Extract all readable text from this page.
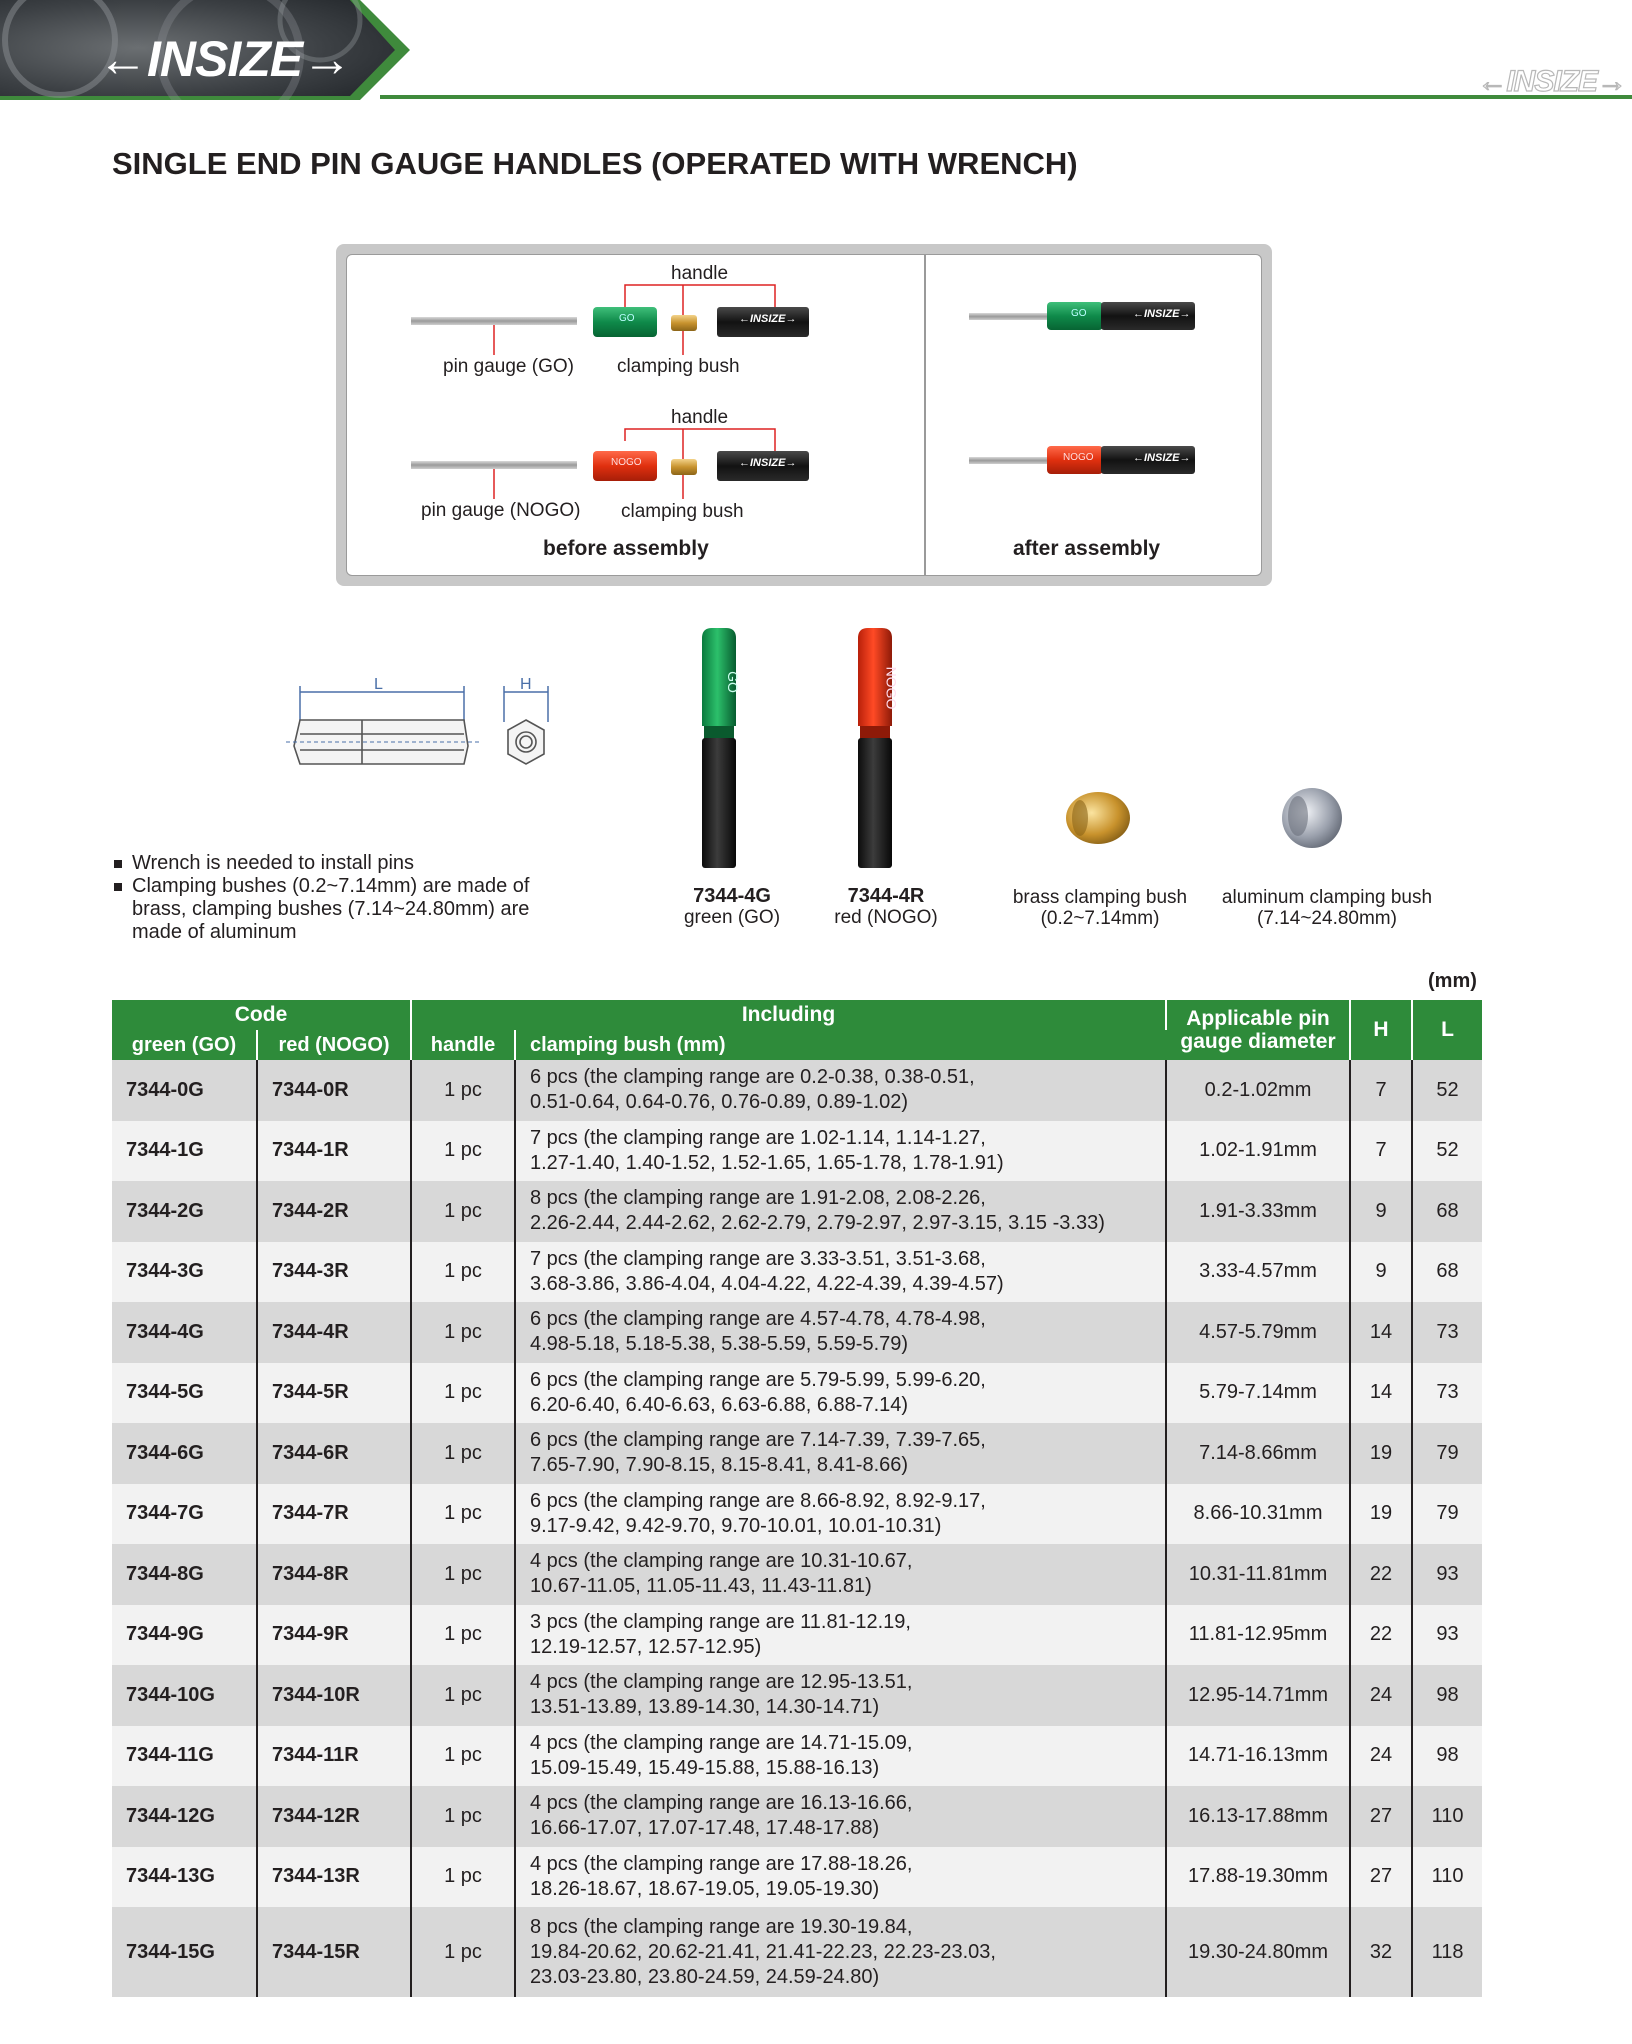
←INSIZE→	←INSIZE→
SINGLE END PIN GAUGE HANDLES (OPERATED WITH WRENCH)
GO	←INSIZE→
NOGO	←INSIZE→
GO	←INSIZE→
NOGO	←INSIZE→
handle
pin gauge (GO) clamping bush
handle
pin gauge (NOGO) clamping bush
before assembly	after assembly
L	H
Wrench is needed to install pins
Clamping bushes (0.2~7.14mm) are made of brass, clamping bushes (7.14~24.80mm) are made of aluminum
GO	NOGO
←INSIZE→
←INSIZE→
7344-4G
green (GO)
7344-4R
red (NOGO)
brass clamping bush
(0.2~7.14mm)
aluminum clamping bush
(7.14~24.80mm)
(mm)
Code		Including		Applicable pin gauge diameter	H	L
green (GO)	red (NOGO)	handle	clamping bush (mm)			
7344-0G	7344-0R	1 pc	6 pcs (the clamping range are 0.2-0.38, 0.38-0.51,
0.51-0.64, 0.64-0.76, 0.76-0.89, 0.89-1.02)	0.2-1.02mm	7	52
7344-1G	7344-1R	1 pc	7 pcs (the clamping range are 1.02-1.14, 1.14-1.27,
1.27-1.40, 1.40-1.52, 1.52-1.65, 1.65-1.78, 1.78-1.91)	1.02-1.91mm	7	52
7344-2G	7344-2R	1 pc	8 pcs (the clamping range are 1.91-2.08, 2.08-2.26,
2.26-2.44, 2.44-2.62, 2.62-2.79, 2.79-2.97, 2.97-3.15, 3.15 -3.33)	1.91-3.33mm	9	68
7344-3G	7344-3R	1 pc	7 pcs (the clamping range are 3.33-3.51, 3.51-3.68,
3.68-3.86, 3.86-4.04, 4.04-4.22, 4.22-4.39, 4.39-4.57)	3.33-4.57mm	9	68
7344-4G	7344-4R	1 pc	6 pcs (the clamping range are 4.57-4.78, 4.78-4.98,
4.98-5.18, 5.18-5.38, 5.38-5.59, 5.59-5.79)	4.57-5.79mm	14	73
7344-5G	7344-5R	1 pc	6 pcs (the clamping range are 5.79-5.99, 5.99-6.20,
6.20-6.40, 6.40-6.63, 6.63-6.88, 6.88-7.14)	5.79-7.14mm	14	73
7344-6G	7344-6R	1 pc	6 pcs (the clamping range are 7.14-7.39, 7.39-7.65,
7.65-7.90, 7.90-8.15, 8.15-8.41, 8.41-8.66)	7.14-8.66mm	19	79
7344-7G	7344-7R	1 pc	6 pcs (the clamping range are 8.66-8.92, 8.92-9.17,
9.17-9.42, 9.42-9.70, 9.70-10.01, 10.01-10.31)	8.66-10.31mm	19	79
7344-8G	7344-8R	1 pc	4 pcs (the clamping range are 10.31-10.67,
10.67-11.05, 11.05-11.43, 11.43-11.81)	10.31-11.81mm	22	93
7344-9G	7344-9R	1 pc	3 pcs (the clamping range are 11.81-12.19,
12.19-12.57, 12.57-12.95)	11.81-12.95mm	22	93
7344-10G	7344-10R	1 pc	4 pcs (the clamping range are 12.95-13.51,
13.51-13.89, 13.89-14.30, 14.30-14.71)	12.95-14.71mm	24	98
7344-11G	7344-11R	1 pc	4 pcs (the clamping range are 14.71-15.09,
15.09-15.49, 15.49-15.88, 15.88-16.13)	14.71-16.13mm	24	98
7344-12G	7344-12R	1 pc	4 pcs (the clamping range are 16.13-16.66,
16.66-17.07, 17.07-17.48, 17.48-17.88)	16.13-17.88mm	27	110
7344-13G	7344-13R	1 pc	4 pcs (the clamping range are 17.88-18.26,
18.26-18.67, 18.67-19.05, 19.05-19.30)	17.88-19.30mm	27	110
7344-15G	7344-15R	1 pc	8 pcs (the clamping range are 19.30-19.84,
19.84-20.62, 20.62-21.41, 21.41-22.23, 22.23-23.03,
23.03-23.80, 23.80-24.59, 24.59-24.80)	19.30-24.80mm	32	118
